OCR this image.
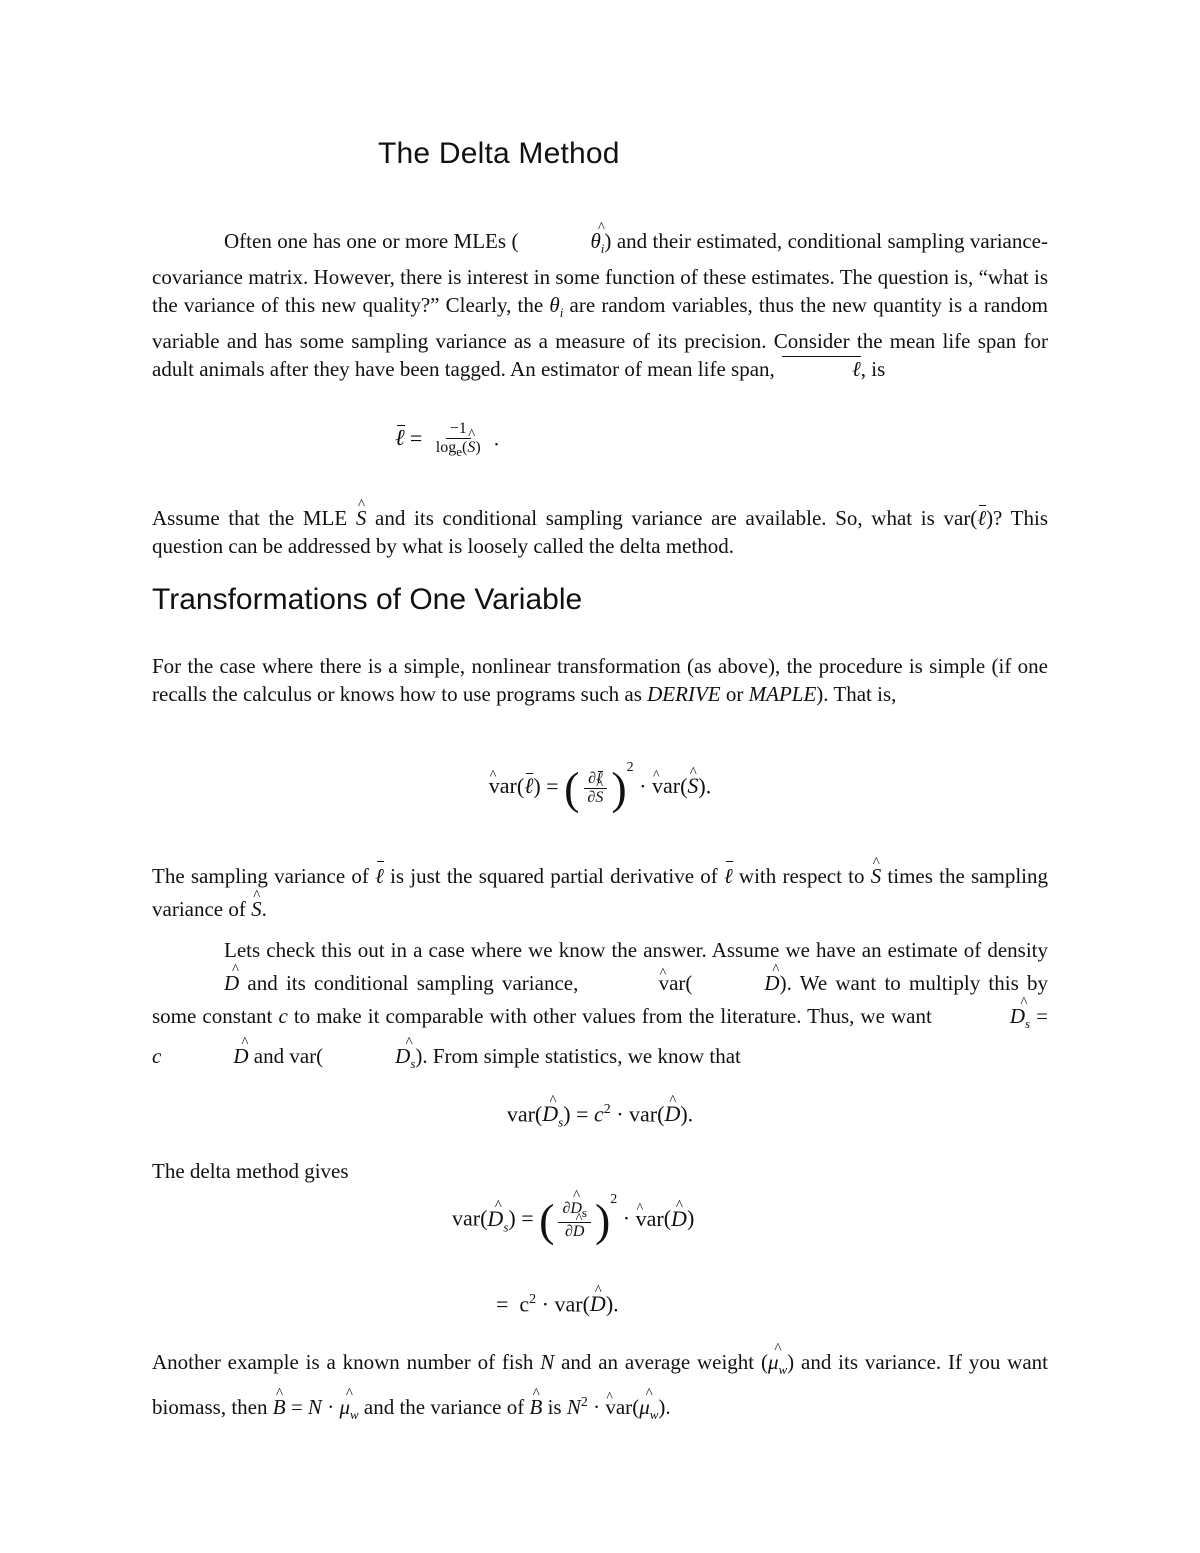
The Delta Method

Often one has one or more MLEs (^	$\theta_i$) and their estimated, conditional sampling variance-covariance matrix. However, there is interest in some function of these estimates. The question is, “what is the variance of this new quality?” Clearly, the $\theta_i$ are random variables, thus the new quantity is a random variable and has some sampling variance as a measure of its precision. Consider the mean life span for adult animals after they have been tagged. An estimator of mean life span,	ℓ, is

ℓ = $\frac{-1}{\log_e(\^{} S)}$ .

Assume that the MLE ^ S and its conditional sampling variance are available. So, what is var(ℓ)? This question can be addressed by what is loosely called the delta method.

Transformations of One Variable

For the case where there is a simple, nonlinear transformation (as above), the procedure is simple (if one recalls the calculus or knows how to use programs such as DERIVE or MAPLE). That is,

^ var(ℓ) = ( $\frac{\text{∂ℓ}}{\partial\^{} S} )^2$ · ^ var(^ S).

The sampling variance of ℓ is just the squared partial derivative of ℓ with respect to ^ S times the sampling variance of ^ S.

Lets check this out in a case where we know the answer. Assume we have an estimate of density ^ D and its conditional sampling variance, ^	var(^	D). We want to multiply this by some constant c to make it comparable with other values from the literature. Thus, we want ^	$D_s$ = c^	D and var(^	$D_s$). From simple statistics, we know that

var(^ $D_s) = c^2$ · var(^ D).

The delta method gives

var(^ $D_s$) = ( $\frac{\partial\^{} D_s}{\partial\^{} D} )^2$ · ^ var(^ D)
=  $c^2$ · var(^ D).

Another example is a known number of fish N and an average weight (^ $\mu_w$) and its variance. If you want biomass, then ^ B = N · ^ $\mu_w$ and the variance of ^ B is $N^2$ · ^ var(^ $\mu_w$).
